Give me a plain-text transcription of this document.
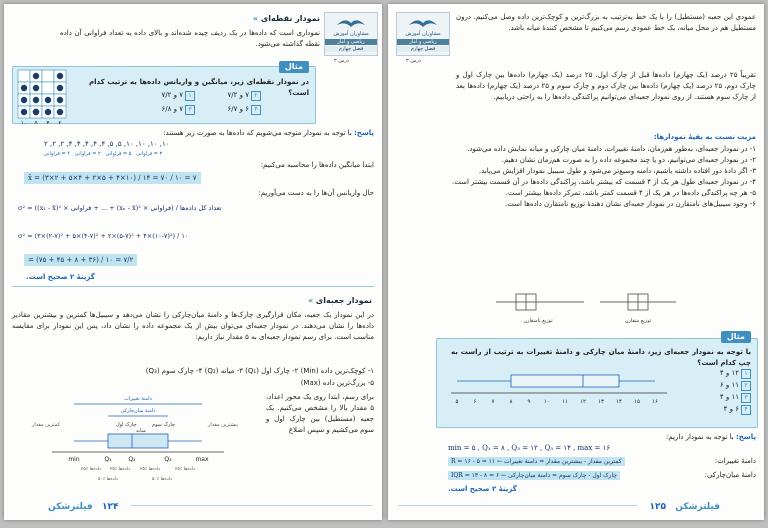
مشاوران آموزش
ریاضی و آمار
فصل چهارم
درس ۳
نمودار نقطه‌ای »
نموداری است که داده‌ها در یک ردیف چیده شده‌اند و بالای داده به تعداد فراوانی آن داده نقطه گذاشته می‌شود.
مثال
در نمودار نقطه‌ای زیر، میانگین و واریانس داده‌ها به ترتیب کدام است؟
۱۷ و ۷/۲	۲۷ و ۷/۲
۳۷ و ۶/۸	۴۶ و ۶/۷
۱۰ ۵ ۴ ۲
پاسخ: با توجه به نمودار متوجه می‌شویم که داده‌ها به صورت زیر هستند:
۲ ,۲ ,۲ ,۴ ,۴ ,۴ ,۴ ,۴ ,۵ ,۵ ,۱۰ ,۱۰ ,۱۰ ,۱۰
۳ = فراوانی   ۵ = فراوانی   ۲ = فراوانی   ۴ = فراوانی
ابتدا میانگین داده‌ها را محاسبه می‌کنیم:
x̄ = (۳×۲ + ۵×۴ + ۲×۵ + ۴×۱۰) / ۱۴ = ۷۰ / ۱۰ = ۷
حال واریانس آن‌ها را به دست می‌آوریم:
σ² = ((x₁ - x̄)² × فراوانی + ... + (xₙ - x̄)² × فراوانی) / تعداد کل داده‌ها
σ² = (۳×(۲-۷)² + ۵×(۴-۷)² + ۲×(۵-۷)² + ۴×(۱۰-۷)²) / ۱۰
= (۷۵ + ۴۵ + ۸ + ۳۶) / ۱۰ = ۷/۲
گزینهٔ ۲ صحیح است.
نمودار جعبه‌ای »
در این نمودار یک جعبه، مکان قرارگیری چارک‌ها و دامنهٔ میان‌چارکی را نشان می‌دهد و سیبیل‌ها کمترین و بیشترین مقادیر داده‌ها را نشان می‌دهند. در نمودار جعبه‌ای می‌توان بیش از یک مجموعه داده را نشان داد، پس این نمودار برای مقایسه مناسب است. برای رسم نمودار جعبه‌ای به ۵ مقدار نیاز داریم:
۱- کوچک‌ترین داده (Min) ۲- چارک اول (Q₁) ۳- میانه (Q₂) ۴- چارک سوم (Q₃)
۵- بزرگ‌ترین داده (Max)
برای رسم، ابتدا روی یک محور اعداد، ۵ مقدار بالا را مشخص می‌کنیم. یک جعبه (مستطیل) بین چارک اول و سوم می‌کشیم و سپس اضلاع
دامنهٔ تغییرات
دامنهٔ میان‌چارکی
کمترین مقدار	بیشترین مقدار
چارک اول
میانه
چارک سوم
min	Q₁	Q₂	Q₃	max
۲۵٪ داده‌ها ۲۵٪ داده‌ها ۲۵٪ داده‌ها	۲۵٪ داده‌ها
۵۰٪ داده‌ها	۵۰٪ داده‌ها
۱۲۴
فیلترشکن
مشاوران آموزش
ریاضی و آمار
فصل چهارم
درس ۳
عمودی این جعبه (مستطیل) را با یک خط به‌ترتیب به بزرگ‌ترین و کوچک‌ترین داده وصل می‌کنیم. درون مستطیل هم در محل میانه، یک خط عمودی رسم می‌کنیم تا مشخص کنندهٔ میانه باشد.
تقریباً ۲۵ درصد (یک چهارم) داده‌ها قبل از چارک اول، ۲۵ درصد (یک چهارم) داده‌ها بین چارک اول و چارک دوم، ۲۵ درصد (یک چهارم) داده‌ها بین چارک دوم و چارک سوم و ۲۵ درصد (یک چهارم) داده‌ها بعد از چارک سوم هستند. از روی نمودار جعبه‌ای می‌توانیم پراکندگی داده‌ها را به راحتی دریابیم.
مزیت نسبت به بقیهٔ نمودارها:

۱- در نمودار جعبه‌ای، به‌طور هم‌زمان، دامنهٔ تغییرات، دامنهٔ میان چارکی و میانه نمایش داده می‌شود.

۲- در نمودار جعبه‌ای می‌توانیم، دو یا چند مجموعه داده را به صورت هم‌زمان نشان دهیم.

۳- اگر دادهٔ دور افتاده داشته باشیم، دامنه وسیع‌تر می‌شود و طول سیبیل نمودار افزایش می‌یابد.

۴- در نمودار جعبه‌ای طول هر یک از ۴ قسمت که بیشتر باشد، پراکندگی داده‌ها در آن قسمت بیشتر است.

۵- هر چه پراکندگی داده‌ها در هر یک از ۴ قسمت کمتر باشد، تمرکز داده‌ها بیشتر است.

۶- وجود سیبیل‌های نامتقارن در نمودار جعبه‌ای نشان دهندهٔ توزیع نامتقارن داده‌ها است.

توزیع متقارن
توزیع نامتقارن
مثال
با توجه به نمودار جعبه‌ای زیر، دامنهٔ میان چارکی و دامنهٔ تغییرات به ترتیب از راست به چپ کدام است؟
۱۱۲ و ۴
۲۱۱ و ۶
۳۱۱ و ۴
۴۶ و ۴
۵	۶	۷	۸	۹ ۱۰ ۱۱ ۱۲ ۱۳ ۱۴ ۱۵ ۱۶
پاسخ: با توجه به نمودار داریم:
min = ۵ , Q₁ = ۸ , Q₃ = ۱۲ , Q₃ = ۱۴ , max = ۱۶
دامنهٔ تغییرات:
R = ۱۶ - ۵ = ۱۱ ← کمترین مقدار - بیشترین مقدار = دامنهٔ تغییرات
دامنهٔ میان‌چارکی:
IQR = ۱۴ - ۸ = ۶ ← چارک اول - چارک سوم = دامنهٔ میان‌چارکی
گزینهٔ ۲ صحیح است.
۱۲۵ فیلترشکن
